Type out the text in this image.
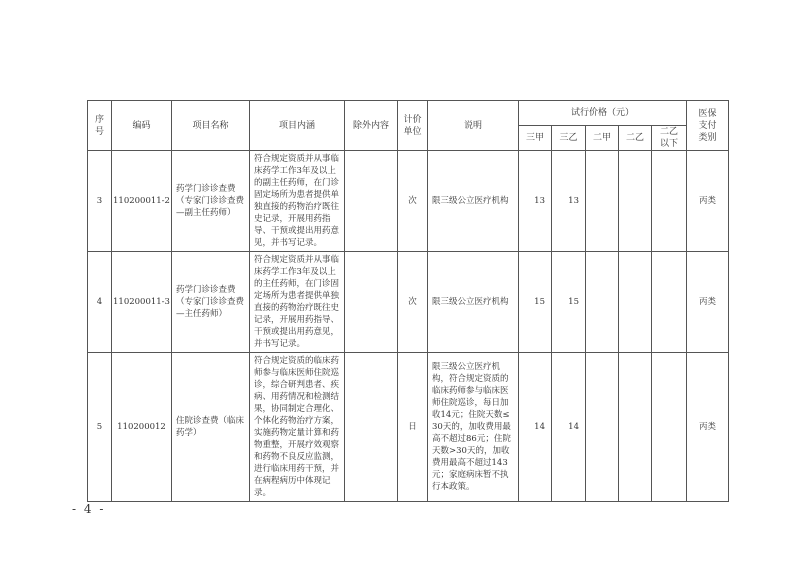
序号	编码	项目名称	项目内涵	除外内容	计价单位	说明	试行价格（元）					医保支付类别
							三甲	三乙	二甲	二乙	二乙以下	
3	110200011-2	药学门诊诊查费（专家门诊诊查费—副主任药师）	符合规定资质并从事临床药学工作3年及以上的副主任药师，在门诊固定场所为患者提供单独直接的药物治疗既往史记录，开展用药指导、干预或提出用药意见，并书写记录。		次	限三级公立医疗机构	13	13				丙类
4	110200011-3	药学门诊诊查费（专家门诊诊查费—主任药师）	符合规定资质并从事临床药学工作3年及以上的主任药师，在门诊固定场所为患者提供单独直接的药物治疗既往史记录，开展用药指导、干预或提出用药意见，并书写记录。		次	限三级公立医疗机构	15	15				丙类
5	110200012	住院诊查费（临床药学）	符合规定资质的临床药师参与临床医师住院巡诊，综合研判患者、疾病、用药情况和检测结果，协同制定合理化、个体化药物治疗方案，实施药物定量计算和药物重整，开展疗效观察和药物不良反应监测，进行临床用药干预，并在病程病历中体现记录。		日	限三级公立医疗机构，符合规定资质的临床药师参与临床医师住院巡诊，每日加收14元；住院天数≤30天的，加收费用最高不超过86元；住院天数>30天的，加收费用最高不超过143元；家庭病床暂不执行本政策。	14	14				丙类
- 4 -
